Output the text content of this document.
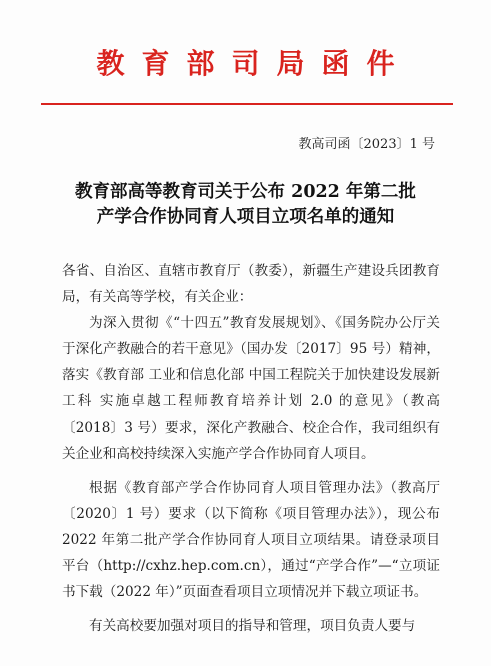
教育部司局函件
教高司函〔2023〕1 号
教育部高等教育司关于公布 2022 年第二批
产学合作协同育人项目立项名单的通知

各省、自治区、直辖市教育厅（教委），新疆生产建设兵团教育局，有关高等学校，有关企业：

为深入贯彻《“十四五”教育发展规划》、《国务院办公厅关于深化产教融合的若干意见》（国办发〔2017〕95 号）精神，落实《教育部 工业和信息化部 中国工程院关于加快建设发展新工科 实施卓越工程师教育培养计划 2.0 的意见》（教高〔2018〕3 号）要求，深化产教融合、校企合作，我司组织有关企业和高校持续深入实施产学合作协同育人项目。

根据《教育部产学合作协同育人项目管理办法》（教高厅〔2020〕1 号）要求（以下简称《项目管理办法》），现公布 2022 年第二批产学合作协同育人项目立项结果。请登录项目平台（http://cxhz.hep.com.cn），通过“产学合作”—“立项证书下载（2022 年）”页面查看项目立项情况并下载立项证书。

有关高校要加强对项目的指导和管理，项目负责人要与
